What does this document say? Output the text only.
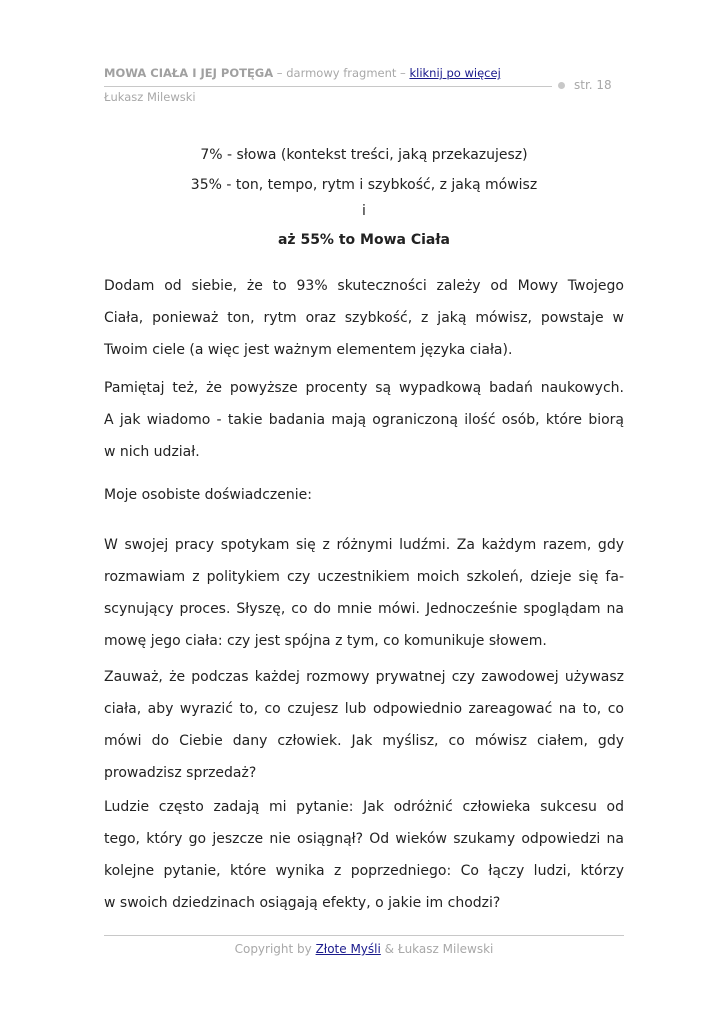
MOWA CIAŁA I JEJ POTĘGA – darmowy fragment – kliknij po więcej
str. 18
Łukasz Milewski
7% - słowa (kontekst treści, jaką przekazujesz)
35% - ton, tempo, rytm i szybkość, z jaką mówisz
i
aż 55% to Mowa Ciała
Dodam od siebie, że to 93% skuteczności zależy od Mowy Twojego
Ciała, ponieważ ton, rytm oraz szybkość, z jaką mówisz, powstaje w
Twoim ciele (a więc jest ważnym elementem języka ciała).
Pamiętaj też, że powyższe procenty są wypadkową badań naukowych.
A jak wiadomo - takie badania mają ograniczoną ilość osób, które biorą
w nich udział.
Moje osobiste doświadczenie:
W swojej pracy spotykam się z różnymi ludźmi. Za każdym razem, gdy
rozmawiam z politykiem czy uczestnikiem moich szkoleń, dzieje się fa-
scynujący proces. Słyszę, co do mnie mówi. Jednocześnie spoglądam na
mowę jego ciała: czy jest spójna z tym, co komunikuje słowem.
Zauważ, że podczas każdej rozmowy prywatnej czy zawodowej używasz
ciała, aby wyrazić to, co czujesz lub odpowiednio zareagować na to, co
mówi do Ciebie dany człowiek. Jak myślisz, co mówisz ciałem, gdy
prowadzisz sprzedaż?
Ludzie często zadają mi pytanie: Jak odróżnić człowieka sukcesu od
tego, który go jeszcze nie osiągnął? Od wieków szukamy odpowiedzi na
kolejne pytanie, które wynika z poprzedniego: Co łączy ludzi, którzy
w swoich dziedzinach osiągają efekty, o jakie im chodzi?
Copyright by Złote Myśli & Łukasz Milewski
